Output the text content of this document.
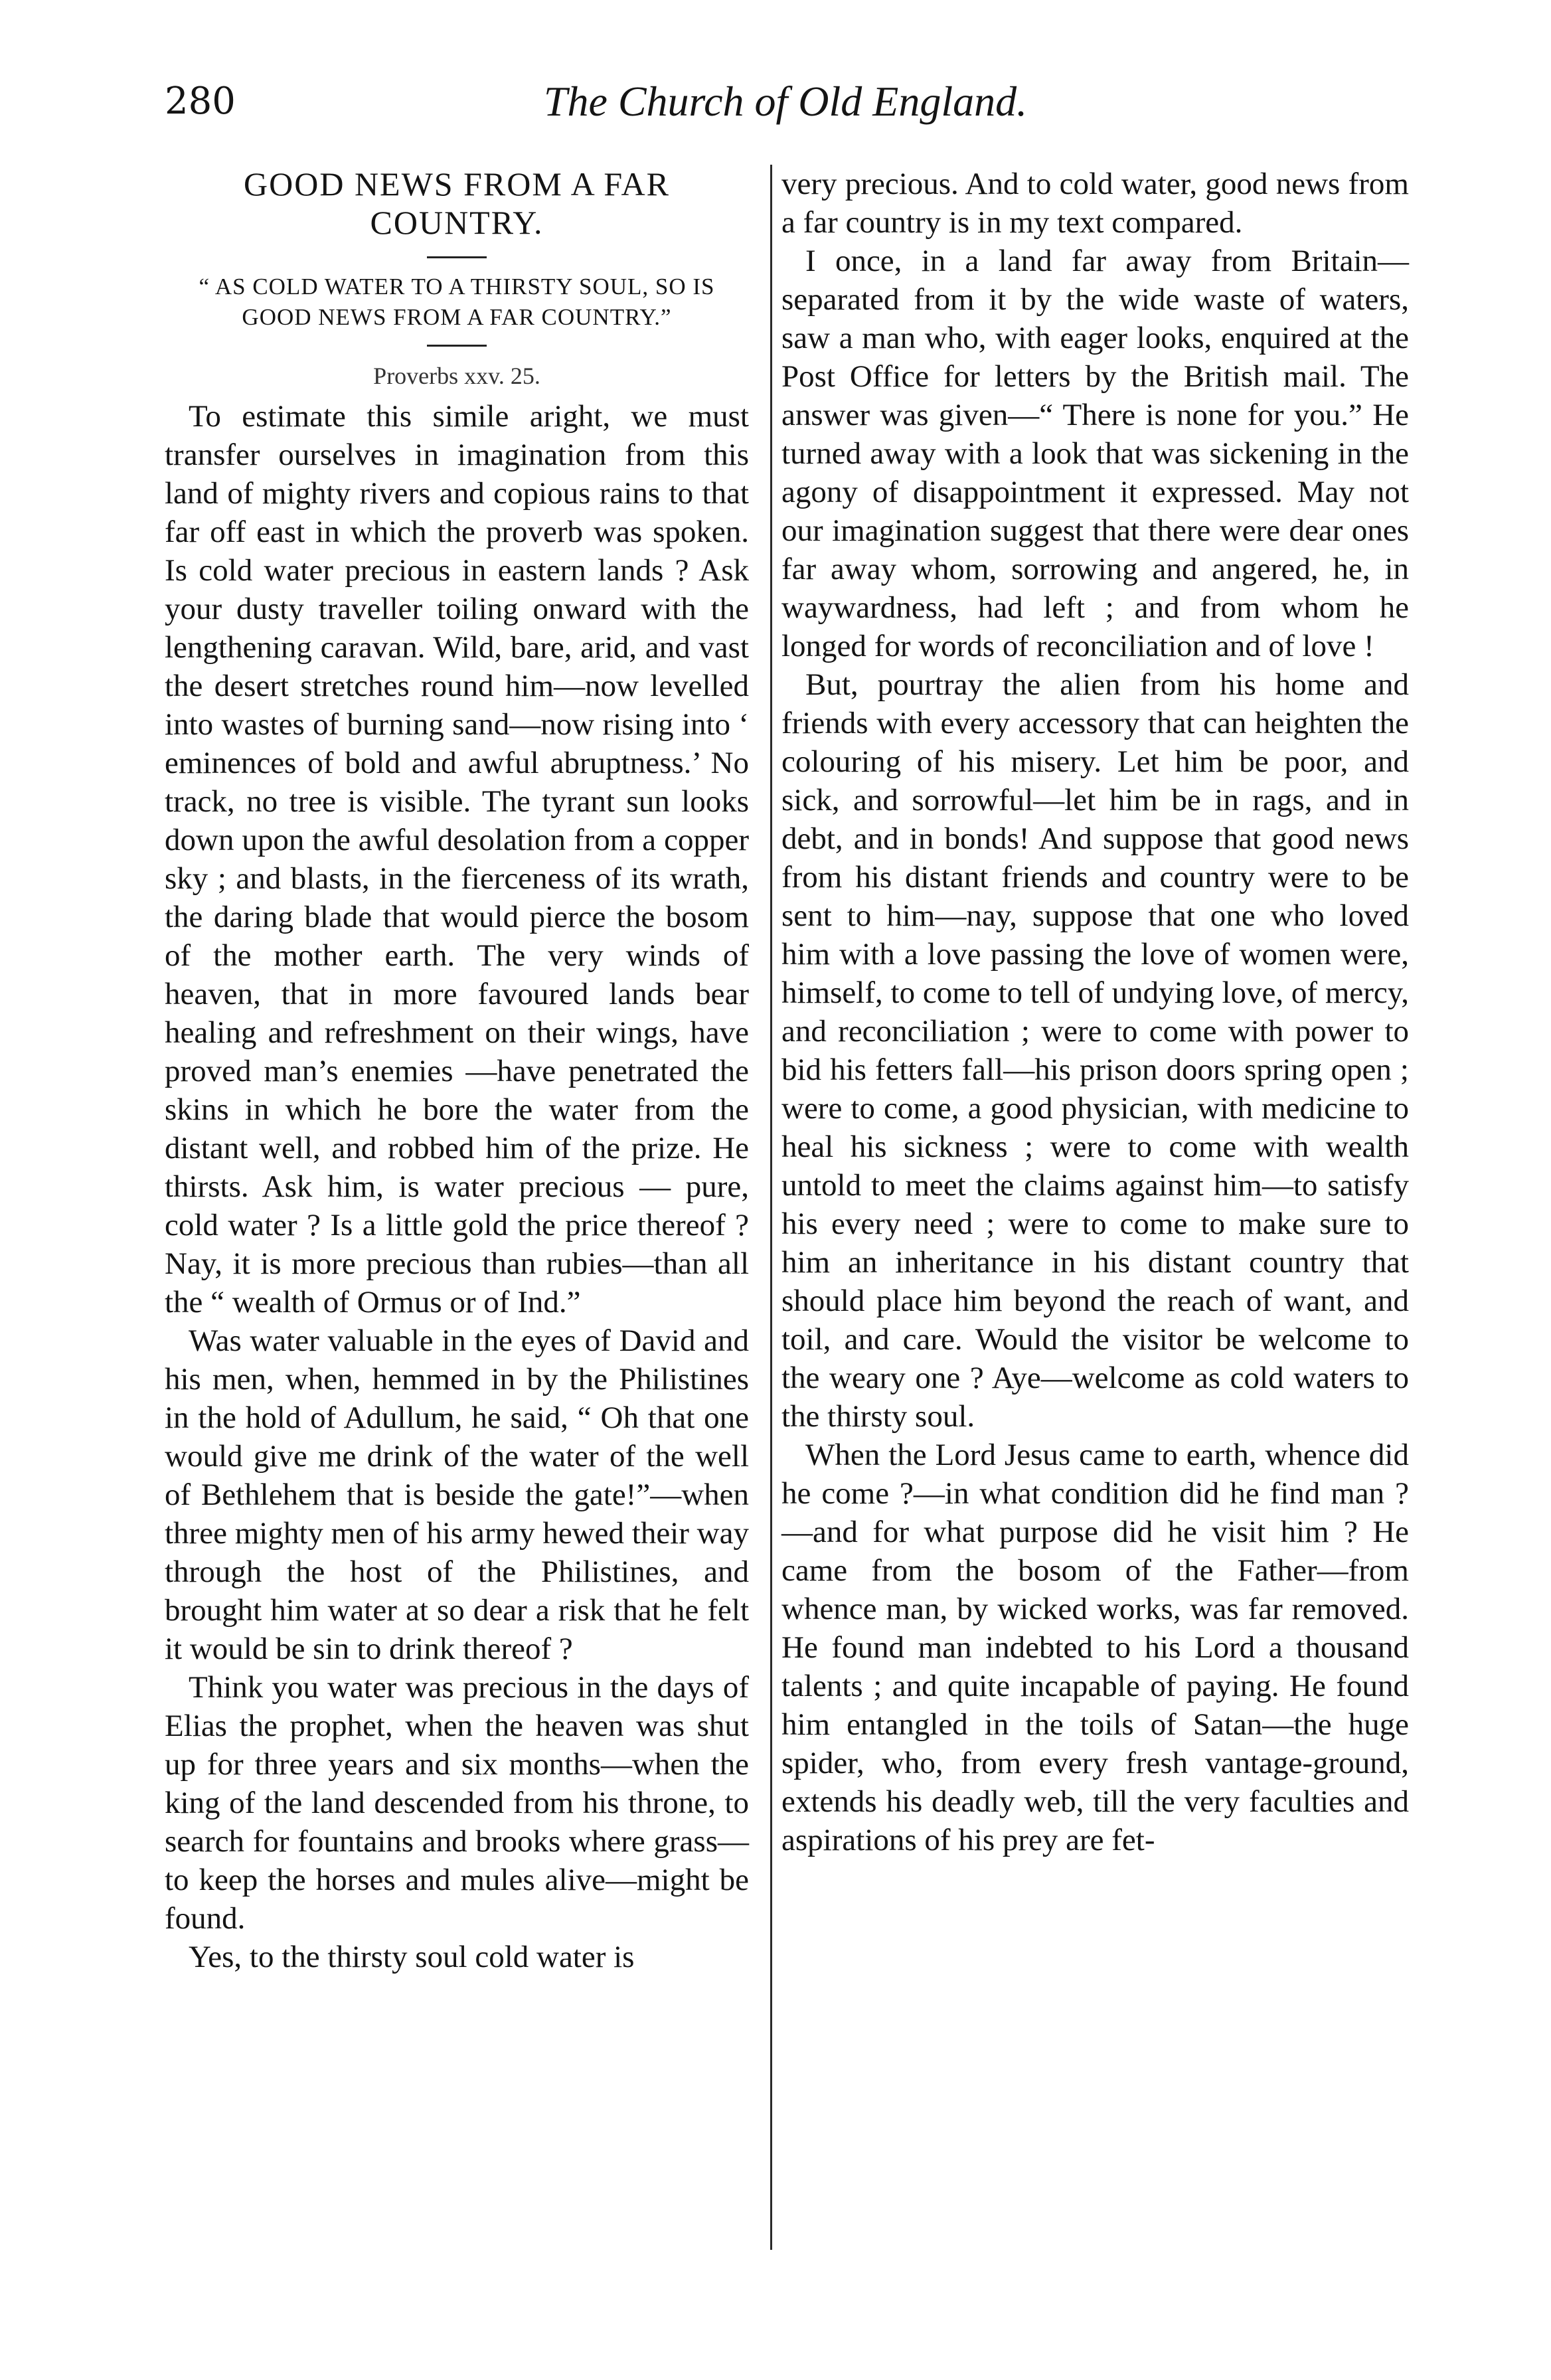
280	The Church of Old England.
GOOD NEWS FROM A FAR COUNTRY.
“ AS COLD WATER TO A THIRSTY SOUL, SO IS GOOD NEWS FROM A FAR COUNTRY.”
Proverbs xxv. 25.

To estimate this simile aright, we must transfer ourselves in imagination from this land of mighty rivers and copious rains to that far off east in which the proverb was spoken. Is cold water precious in eastern lands ? Ask your dusty traveller toiling onward with the lengthening caravan. Wild, bare, arid, and vast the desert stretches round him—now levelled into wastes of burning sand—now rising into ‘ eminences of bold and awful abruptness.’ No track, no tree is visible. The tyrant sun looks down upon the awful desolation from a copper sky ; and blasts, in the fierceness of its wrath, the daring blade that would pierce the bosom of the mother earth. The very winds of heaven, that in more favoured lands bear healing and refreshment on their wings, have proved man’s enemies —have penetrated the skins in which he bore the water from the distant well, and robbed him of the prize. He thirsts. Ask him, is water precious — pure, cold water ? Is a little gold the price thereof ? Nay, it is more precious than rubies—than all the “ wealth of Ormus or of Ind.”

Was water valuable in the eyes of David and his men, when, hemmed in by the Philistines in the hold of Adullum, he said, “ Oh that one would give me drink of the water of the well of Bethlehem that is beside the gate!”—when three mighty men of his army hewed their way through the host of the Philistines, and brought him water at so dear a risk that he felt it would be sin to drink thereof ?

Think you water was precious in the days of Elias the prophet, when the heaven was shut up for three years and six months—when the king of the land descended from his throne, to search for fountains and brooks where grass—to keep the horses and mules alive—might be found.

Yes, to the thirsty soul cold water is

very precious. And to cold water, good news from a far country is in my text compared.

I once, in a land far away from Britain—separated from it by the wide waste of waters, saw a man who, with eager looks, enquired at the Post Office for letters by the British mail. The answer was given—“ There is none for you.” He turned away with a look that was sickening in the agony of disappointment it expressed. May not our imagination suggest that there were dear ones far away whom, sorrowing and angered, he, in waywardness, had left ; and from whom he longed for words of reconciliation and of love !

But, pourtray the alien from his home and friends with every accessory that can heighten the colouring of his misery. Let him be poor, and sick, and sorrowful—let him be in rags, and in debt, and in bonds! And suppose that good news from his distant friends and country were to be sent to him—nay, suppose that one who loved him with a love passing the love of women were, himself, to come to tell of undying love, of mercy, and reconciliation ; were to come with power to bid his fetters fall—his prison doors spring open ; were to come, a good physician, with medicine to heal his sickness ; were to come with wealth untold to meet the claims against him—to satisfy his every need ; were to come to make sure to him an inheritance in his distant country that should place him beyond the reach of want, and toil, and care. Would the visitor be welcome to the weary one ? Aye—welcome as cold waters to the thirsty soul.

When the Lord Jesus came to earth, whence did he come ?—in what condition did he find man ?—and for what purpose did he visit him ? He came from the bosom of the Father—from whence man, by wicked works, was far removed. He found man indebted to his Lord a thousand talents ; and quite incapable of paying. He found him entangled in the toils of Satan—the huge spider, who, from every fresh vantage-ground, extends his deadly web, till the very faculties and aspirations of his prey are fet-
